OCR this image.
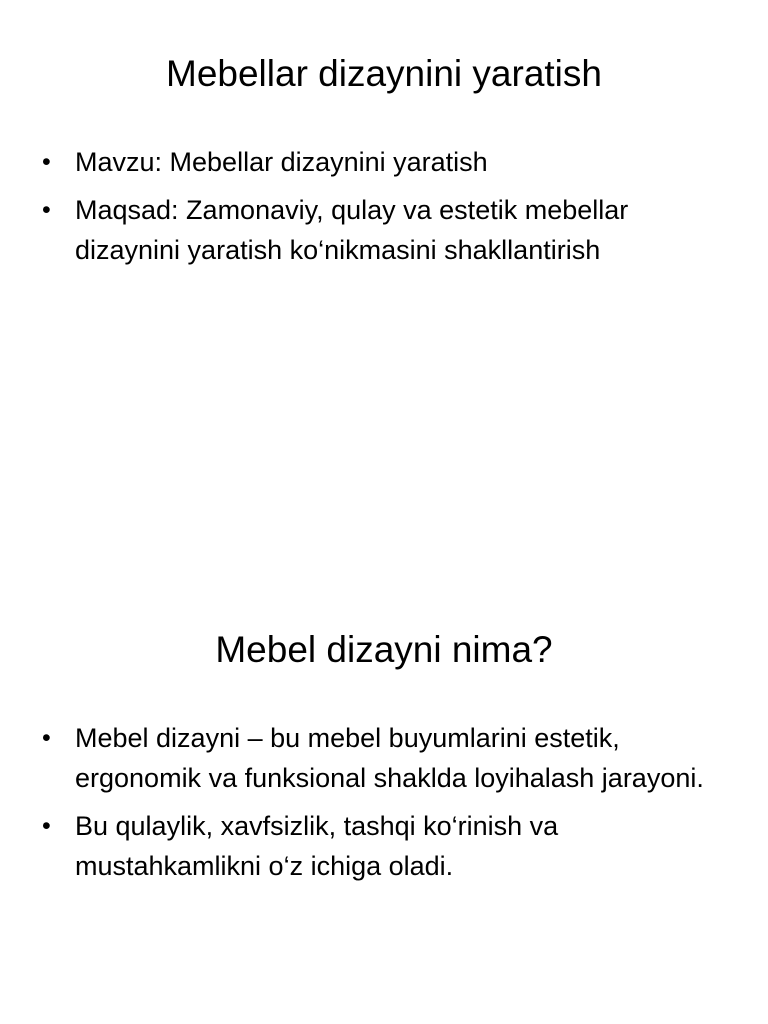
Mebellar dizaynini yaratish
• Mavzu: Mebellar dizaynini yaratish
• Maqsad: Zamonaviy, qulay va estetik mebellar dizaynini yaratish ko‘nikmasini shakllantirish
Mebel dizayni nima?
• Mebel dizayni – bu mebel buyumlarini estetik, ergonomik va funksional shaklda loyihalash jarayoni.
• Bu qulaylik, xavfsizlik, tashqi ko‘rinish va mustahkamlikni o‘z ichiga oladi.
